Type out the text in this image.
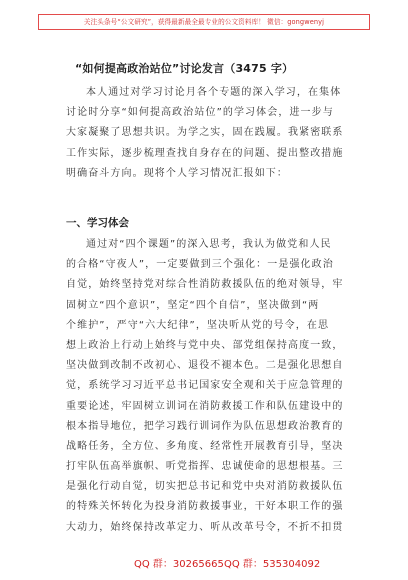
关注头条号“公文研究”，获得最新最全最专业的公文资料库！ 微信：gongwenyj
“如何提高政治站位”讨论发言（3475 字）
本人通过对学习讨论月各个专题的深入学习，在集体
讨论时分享“如何提高政治站位”的学习体会，进一步与
大家凝聚了思想共识。为学之实，固在践履。我紧密联系
工作实际，逐步梳理查找自身存在的问题、提出整改措施
明确奋斗方向。现将个人学习情况汇报如下：
一、学习体会
通过对“四个课题”的深入思考，我认为做党和人民
的合格“守夜人”，一定要做到三个强化：一是强化政治
自觉，始终坚持党对综合性消防救援队伍的绝对领导，牢
固树立“四个意识”，坚定“四个自信”，坚决做到“两
个维护”，严守“六大纪律”，坚决听从党的号令，在思
想上政治上行动上始终与党中央、部党组保持高度一致，
坚决做到改制不改初心、退役不褪本色。二是强化思想自
觉，系统学习习近平总书记国家安全观和关于应急管理的
重要论述，牢固树立训词在消防救援工作和队伍建设中的
根本指导地位，把学习践行训词作为队伍思想政治教育的
战略任务，全方位、多角度、经常性开展教育引导，坚决
打牢队伍高举旗帜、听党指挥、忠诚使命的思想根基。三
是强化行动自觉，切实把总书记和党中央对消防救援队伍
的特殊关怀转化为投身消防救援事业，干好本职工作的强
大动力，始终保持改革定力、听从改革号令，不折不扣贯
QQ 群：30265665 QQ 群：535304092
